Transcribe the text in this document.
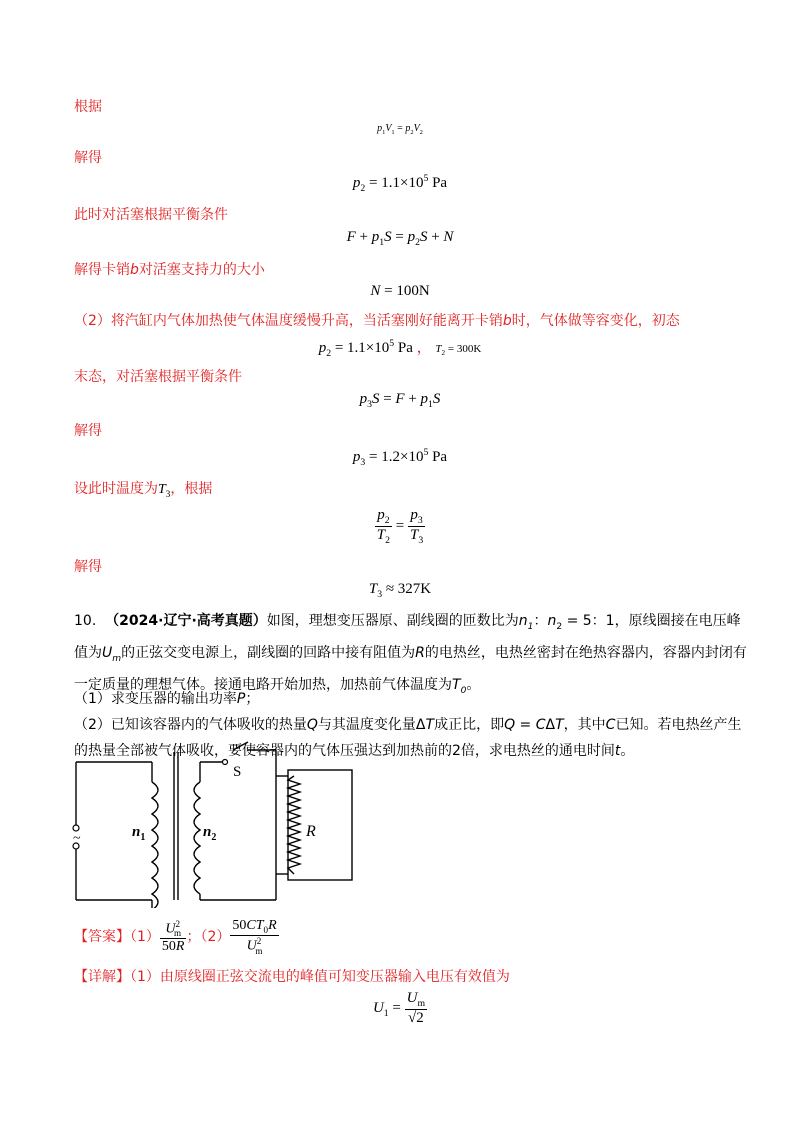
根据
$p_1V_1 = p_2V_2$
解得
$p_2 = 1.1\times 10^5$ Pa
此时对活塞根据平衡条件
$F + p_1S = p_2S + N$
解得卡销b对活塞支持力的大小
N = 100N
（2）将汽缸内气体加热使气体温度缓慢升高，当活塞刚好能离开卡销b时，气体做等容变化，初态
$p_2 = 1.1\times 10^5$ Pa ， $T_2 = 300K$
末态，对活塞根据平衡条件
$p_3S = F + p_1S$
解得
$p_3 = 1.2\times 10^5$ Pa
设此时温度为$T_3$，根据
$\frac{p_2}{T_2} = \frac{p_3}{T_3}$
解得
$T_3 \approx 327K$
10. （2024·辽宁·高考真题）如图，理想变压器原、副线圈的匝数比为$n_1$：$n_2 = 5$：1，原线圈接在电压峰值为$U_m$的正弦交变电源上，副线圈的回路中接有阻值为R的电热丝，电热丝密封在绝热容器内，容器内封闭有一定质量的理想气体。接通电路开始加热，加热前气体温度为$T_0$。
（1）求变压器的输出功率P；
（2）已知该容器内的气体吸收的热量Q与其温度变化量ΔT成正比，即Q = CΔT，其中C已知。若电热丝产生的热量全部被气体吸收，要使容器内的气体压强达到加热前的2倍，求电热丝的通电时间t。
~	$n_1$	$n_2$
S
R
【答案】$(1) \frac{U^2_m}{50R}$ ；$(2) \frac{50CT_0R}{U^2_m}$
【详解】（1）由原线圈正弦交流电的峰值可知变压器输入电压有效值为
$U_1 = \frac{U_m}{√2}$
